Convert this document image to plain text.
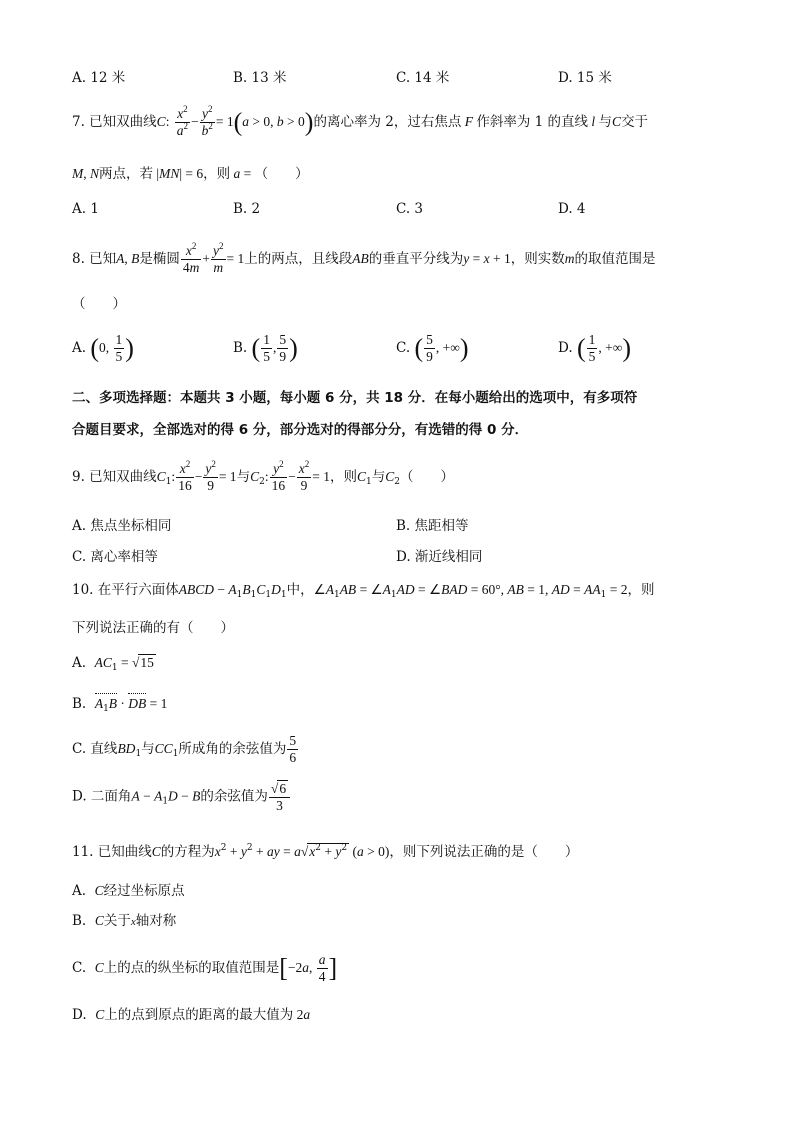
A. 12 米	B. 13 米	C. 14 米	D. 15 米
7. 已知双曲线C: $\frac{x^2}{a^2} - \frac{y^2}{b^2} = 1(a > 0$, b > 0)的离心率为 2，过右焦点 F 作斜率为 1 的直线 l 与C交于
M, N两点，若 |MN| = 6，则 a = （　　）
A. 1	B. 2	C. 3	D. 4
8. 已知A, B是椭圆 $\frac{x^2}{4m} + \frac{y^2}{m} = 1$上的两点，且线段AB的垂直平分线为y = x + 1，则实数m的取值范围是
（　　）
A. (0, $\frac{1}{5}$ )	B. ( $\frac{1}{5}$ , $\frac{5}{9}$ )	C. ( $\frac{5}{9}$ , +∞)	D. ( $\frac{1}{5}$ , +∞)
二、多项选择题：本题共 3 小题，每小题 6 分，共 18 分．在每小题给出的选项中，有多项符
合题目要求，全部选对的得 6 分，部分选对的得部分分，有选错的得 0 分．
9. 已知双曲线$C_1$: $\frac{x^2}{16} - \frac{y^2}{9} = 1$与$C_2$: $\frac{y^2}{16} - \frac{x^2}{9} = 1$，则$C_1$与$C_2$（　　）
A. 焦点坐标相同	B. 焦距相等
C. 离心率相等	D. 渐近线相同
10. 在平行六面体ABCD − $A_1B_1C_1D_1$中，$\angle A_1AB$ = $\angle A_1AD$ = ∠BAD = 60°, AB = 1, AD = $AA_1 = 2$，则
下列说法正确的有（　　）
A. $AC_1 = √15$
B. $A_1B$ · DB = 1
C. 直线$BD_1$与$CC_1$所成角的余弦值为 $\frac{5}{6}$
D. 二面角$A - A_1D - B$的余弦值为 $\frac{√6}{3}$
11. 已知曲线C的方程为$x^2 + y^2$ + ay = $a√x^2 + y^2$ (a > 0)，则下列说法正确的是（　　）
A. C经过坐标原点
B. C关于x轴对称
C. C上的点的纵坐标的取值范围是[−2a, $\frac{a}{4}$ ]
D. C上的点到原点的距离的最大值为 2a
